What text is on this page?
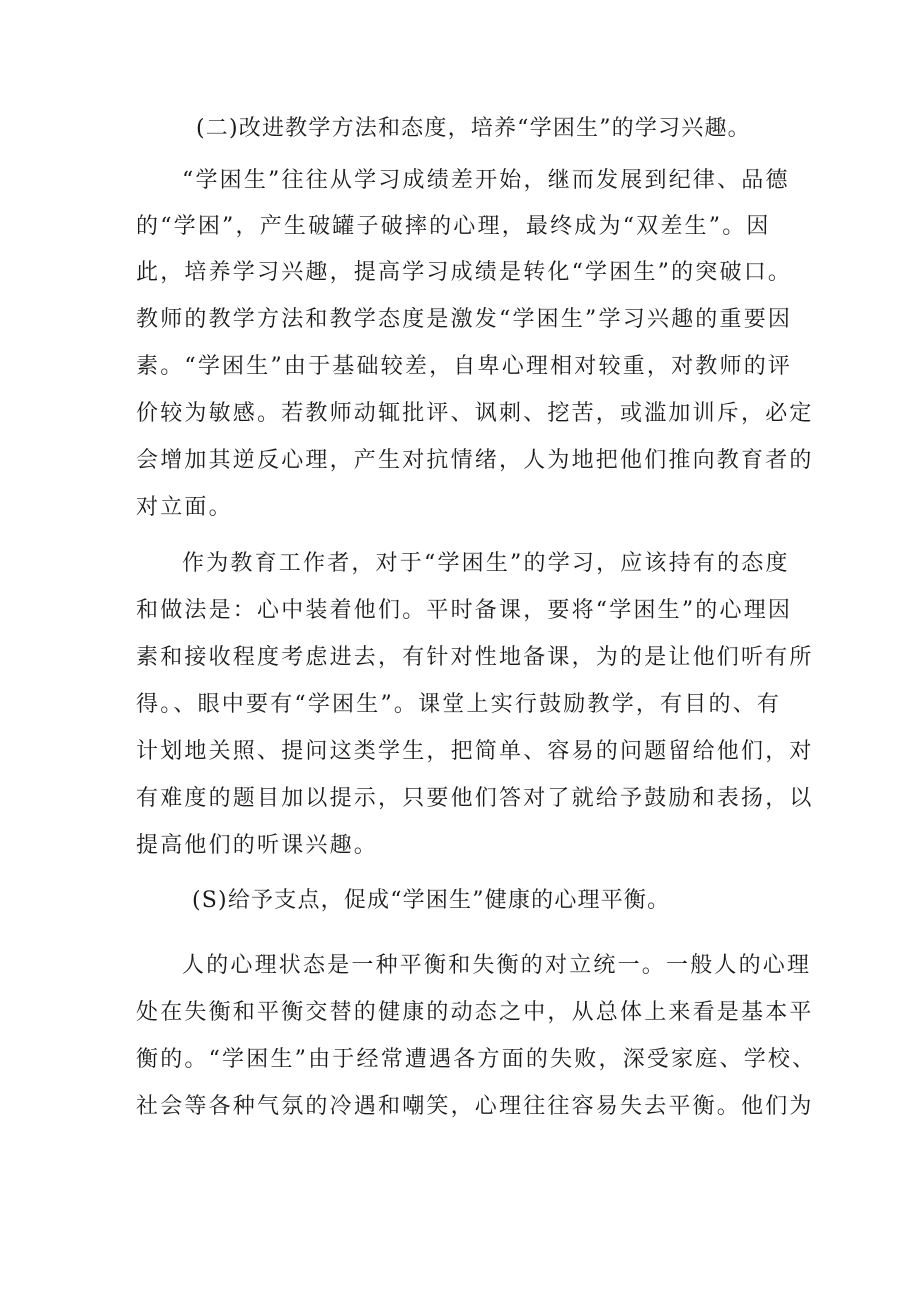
(二)改进教学方法和态度，培养“学困生”的学习兴趣。
“学困生”往往从学习成绩差开始，继而发展到纪律、品德
的“学困”，产生破罐子破摔的心理，最终成为“双差生”。因
此，培养学习兴趣，提高学习成绩是转化“学困生”的突破口。
教师的教学方法和教学态度是激发“学困生”学习兴趣的重要因
素。“学困生”由于基础较差，自卑心理相对较重，对教师的评
价较为敏感。若教师动辄批评、讽刺、挖苦，或滥加训斥，必定
会增加其逆反心理，产生对抗情绪，人为地把他们推向教育者的
对立面。
作为教育工作者，对于“学困生”的学习，应该持有的态度
和做法是：心中装着他们。平时备课，要将“学困生”的心理因
素和接收程度考虑进去，有针对性地备课，为的是让他们听有所
得。、眼中要有“学困生”。课堂上实行鼓励教学，有目的、有
计划地关照、提问这类学生，把简单、容易的问题留给他们，对
有难度的题目加以提示，只要他们答对了就给予鼓励和表扬，以
提高他们的听课兴趣。
(S)给予支点，促成“学困生”健康的心理平衡。
人的心理状态是一种平衡和失衡的对立统一。一般人的心理
处在失衡和平衡交替的健康的动态之中，从总体上来看是基本平
衡的。“学困生”由于经常遭遇各方面的失败，深受家庭、学校、
社会等各种气氛的冷遇和嘲笑，心理往往容易失去平衡。他们为
